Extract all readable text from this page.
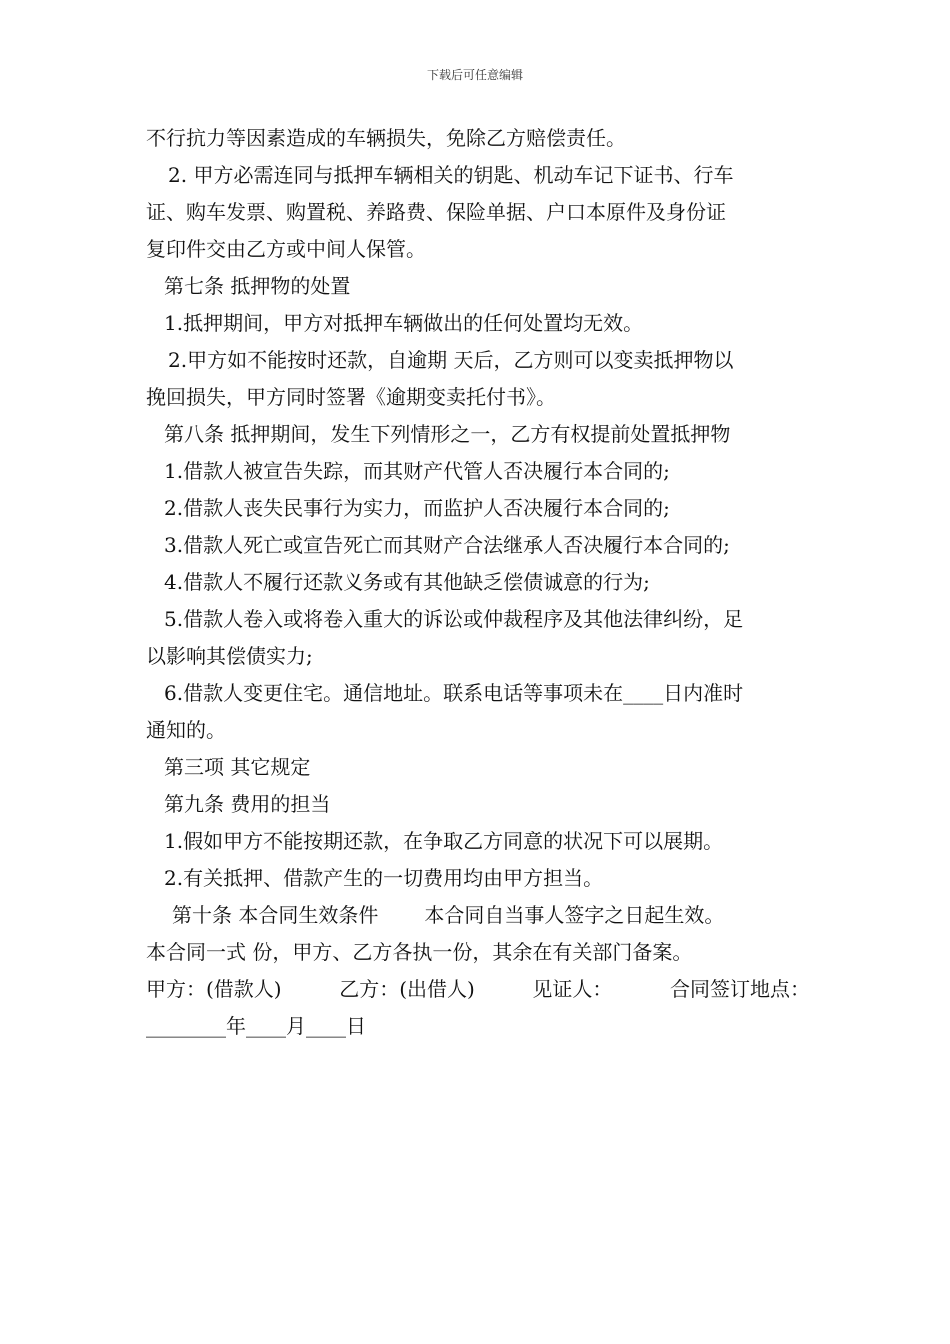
下载后可任意编辑
不行抗力等因素造成的车辆损失，免除乙方赔偿责任。
2. 甲方必需连同与抵押车辆相关的钥匙、机动车记下证书、行车
证、购车发票、购置税、养路费、保险单据、户口本原件及身份证
复印件交由乙方或中间人保管。
第七条 抵押物的处置
1.抵押期间，甲方对抵押车辆做出的任何处置均无效。
2.甲方如不能按时还款，自逾期 天后，乙方则可以变卖抵押物以
挽回损失，甲方同时签署《逾期变卖托付书》。
第八条 抵押期间，发生下列情形之一，乙方有权提前处置抵押物
1.借款人被宣告失踪，而其财产代管人否决履行本合同的;
2.借款人丧失民事行为实力，而监护人否决履行本合同的;
3.借款人死亡或宣告死亡而其财产合法继承人否决履行本合同的;
4.借款人不履行还款义务或有其他缺乏偿债诚意的行为;
5.借款人卷入或将卷入重大的诉讼或仲裁程序及其他法律纠纷，足
以影响其偿债实力;
6.借款人变更住宅。通信地址。联系电话等事项未在____日内准时
通知的。
第三项 其它规定
第九条 费用的担当
1.假如甲方不能按期还款，在争取乙方同意的状况下可以展期。
2.有关抵押、借款产生的一切费用均由甲方担当。
第十条 本合同生效条件 本合同自当事人签字之日起生效。
本合同一式 份，甲方、乙方各执一份，其余在有关部门备案。
甲方：(借款人)	乙方：(出借人)	见证人：	合同签订地点：
________年____月____日
